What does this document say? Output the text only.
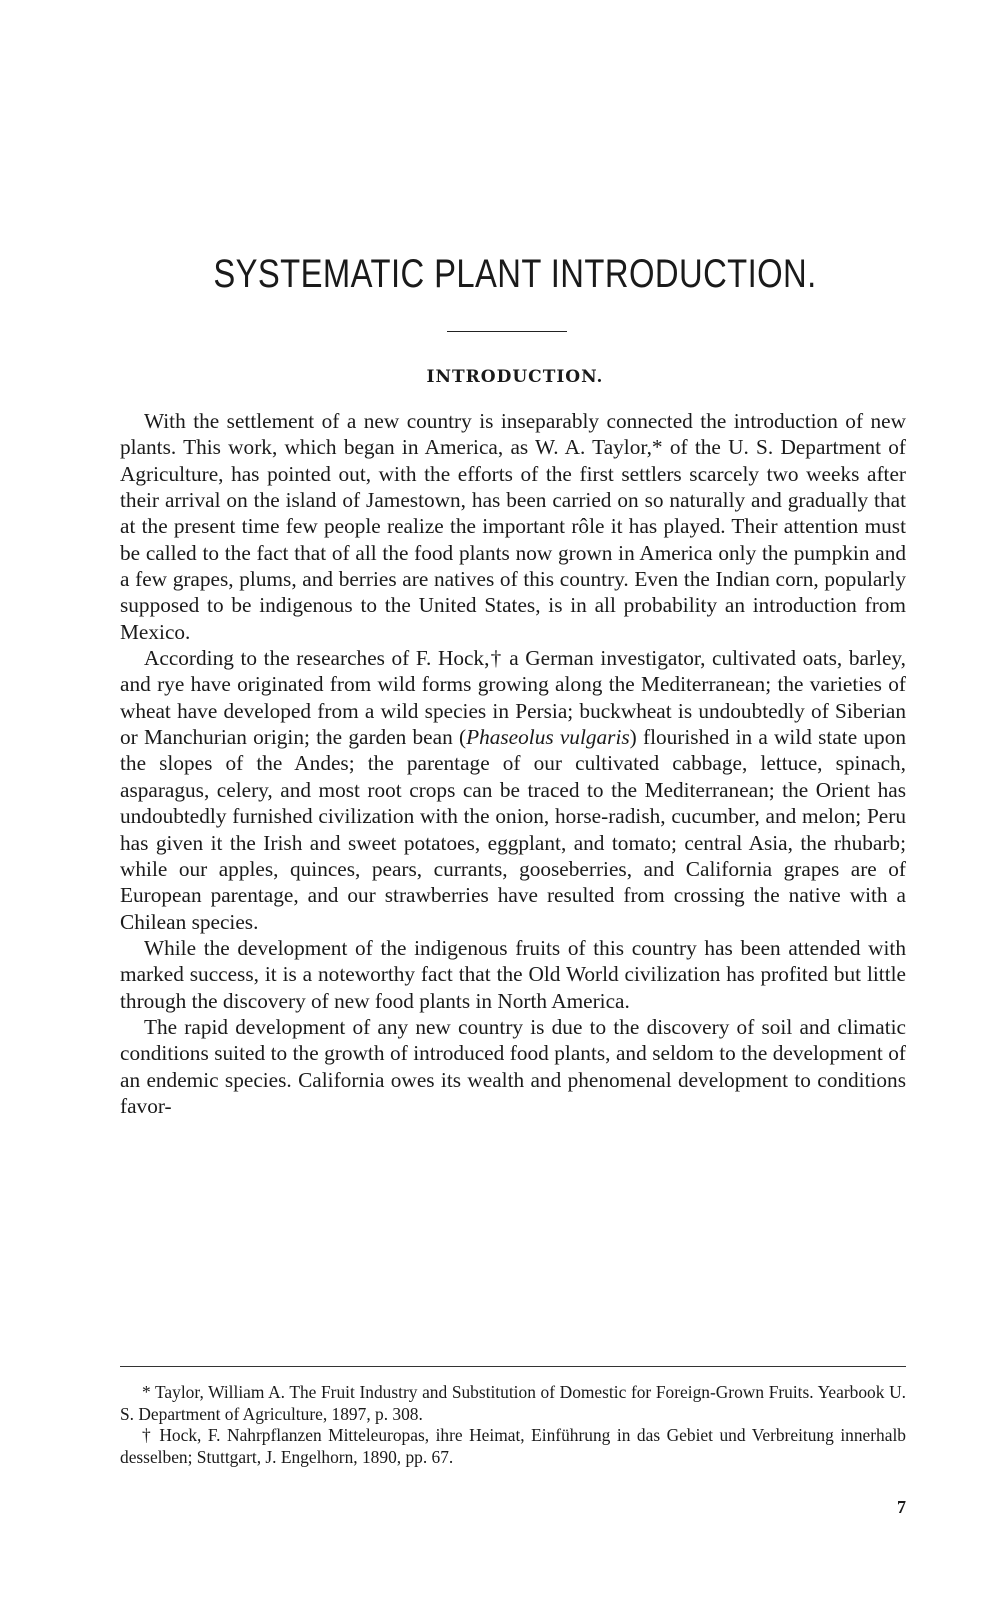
SYSTEMATIC PLANT INTRODUCTION.
INTRODUCTION.

With the settlement of a new country is inseparably connected the introduction of new plants. This work, which began in America, as W. A. Taylor,* of the U. S. Department of Agriculture, has pointed out, with the efforts of the first settlers scarcely two weeks after their arrival on the island of Jamestown, has been carried on so naturally and gradually that at the present time few people realize the important rôle it has played. Their attention must be called to the fact that of all the food plants now grown in America only the pumpkin and a few grapes, plums, and berries are natives of this country. Even the Indian corn, popularly supposed to be indigenous to the United States, is in all probability an introduction from Mexico.

According to the researches of F. Hock,† a German investigator, cultivated oats, barley, and rye have originated from wild forms growing along the Mediterranean; the varieties of wheat have developed from a wild species in Persia; buckwheat is undoubtedly of Siberian or Manchurian origin; the garden bean (Phaseolus vulgaris) flourished in a wild state upon the slopes of the Andes; the parentage of our cultivated cabbage, lettuce, spinach, asparagus, celery, and most root crops can be traced to the Mediterranean; the Orient has undoubtedly furnished civilization with the onion, horse-radish, cucumber, and melon; Peru has given it the Irish and sweet potatoes, eggplant, and tomato; central Asia, the rhubarb; while our apples, quinces, pears, currants, gooseberries, and California grapes are of European parentage, and our strawberries have resulted from crossing the native with a Chilean species.

While the development of the indigenous fruits of this country has been attended with marked success, it is a noteworthy fact that the Old World civilization has profited but little through the discovery of new food plants in North America.

The rapid development of any new country is due to the discovery of soil and climatic conditions suited to the growth of introduced food plants, and seldom to the development of an endemic species. California owes its wealth and phenomenal development to conditions favor-

* Taylor, William A. The Fruit Industry and Substitution of Domestic for Foreign-Grown Fruits. Yearbook U. S. Department of Agriculture, 1897, p. 308.

† Hock, F. Nahrpflanzen Mitteleuropas, ihre Heimat, Einführung in das Gebiet und Verbreitung innerhalb desselben; Stuttgart, J. Engelhorn, 1890, pp. 67.

7
